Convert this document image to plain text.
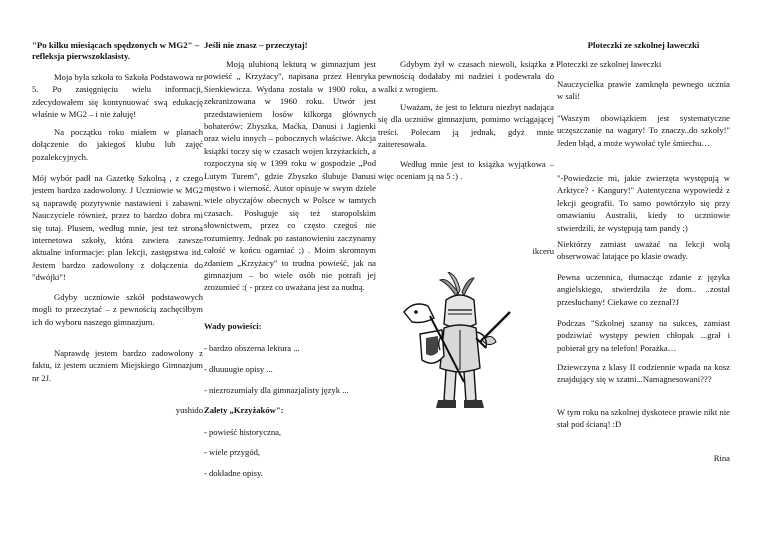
"Po kilku miesiącach spędzonych w MG2" – refleksja pierwszoklasisty.

Moja była szkoła to Szkoła Podstawowa nr 5. Po zasięgnięciu wielu informacji, zdecydowałem się kontynuować swą edukację właśnie w MG2 – i nie żałuję!

Na początku roku miałem w planach dołączenie do jakiegoś klubu lub zajęć pozalekcyjnych.

Mój wybór padł na Gazetkę Szkolną , z czego jestem bardzo zadowolony. J Uczniowie w MG2 są naprawdę pozytywnie nastawieni i zabawni. Nauczyciele również, przez to bardzo dobra mi się tutaj. Plusem, według mnie, jest też strona internetowa szkoły, która zawiera zawsze aktualne informacje: plan lekcji, zastępstwa itd. Jestem bardzo zadowolony z dołączenia do "dwójki"!

Gdyby uczniowie szkół podstawowych mogli to przeczytać – z pewnością zachęciłbym ich do wyboru naszego gimnazjum.

Naprawdę jestem bardzo zadowolony z faktu, iż jestem uczniem Miejskiego Gimnazjum nr 2J.

yushido

Jeśli nie znasz – przeczytaj!

Moją ulubioną lekturą w gimnazjum jest powieść „ Krzyżacy", napisana przez Henryka Sienkiewicza. Wydana została w 1900 roku, a zekranizowana w 1960 roku. Utwór jest przedstawieniem losów kilkorga głównych bohaterów: Zbyszka, Maćka, Danusi i Jagienki oraz wielu innych – pobocznych właściwe. Akcja książki toczy się w czasach wojen krzyżackich, a rozpoczyna się w 1399 roku w gospodzie „Pod Lutym Turem", gdzie Zbyszko ślubuje Danusi męstwo i wierność. Autor opisuje w swym dziele wiele obyczajów obecnych w Polsce w tamtych czasach. Posługuje się też staropolskim słownictwem, przez co często czegoś nie rozumiemy. Jednak po zastanowieniu zaczynamy całość w końcu ogarniać ;) . Moim skromnym zdaniem „Krzyżacy" to trudna powieść, jak na gimnazjum – bo wiele osób nie potrafi jej zrozumieć :( - przez co uważana jest za nudną.

Wady powieści:

- bardzo obszerna lektura ...

- dłuuuugie opisy ...

- niezrozumiały dla gimnazjalisty język ...

Zalety „Krzyżaków":

- powieść historyczna,

- wiele przygód,

- dokładne opisy.

Gdybym żył w czasach niewoli, książka z pewnością dodałaby mi nadziei i podewrała do walki z wrogiem.

Uważam, że jest to lektura niezbyt nadająca się dla uczniów gimnazjum, pomimo wciągającej treści. Polecam ją jednak, gdyż mnie zaiteresowała.

Według mnie jest to książka wyjątkowa – więc oceniam ją na 5 :) .

ikceru

Ploteczki ze szkolnej ławeczki

- Ploteczki ze szkolnej ławeczki

Nauczycielka prawie zamknęła pewnego ucznia w sali!

"Waszym obowiązkiem jest systematyczne uczęszczanie na wagary! To znaczy..do szkoły!" Jeden błąd, a może wywołać tyle śmiechu…

"-Powiedzcie mi, jakie zwierzęta występują w Arktyce? - Kangury!" Autentyczna wypowiedź z lekcji geografii. To samo powtórzyło się przy omawianiu Australii, kiedy to uczniowie stwierdzili, że występują tam pandy ;)

Niektórzy zamiast uważać na lekcji wolą obserwować latające po klasie owady.

Pewna uczennica, tłumacząc zdanie z języka angielskiego, stwierdziła że dom.. ..został przesłuchany! Ciekawe co zeznał?J

Podczas "Szkolnej szansy na sukces, zamiast podziwiać występy pewien chłopak ...grał i pobierał gry na telefon! Porażka…

Dziewczyna z klasy II codziennie wpada na kosz znajdujący się w szatni...Namagnesowani???

W tym roku na szkolnej dyskotece prawie nikt nie stał pod ścianą! :D

Rina
